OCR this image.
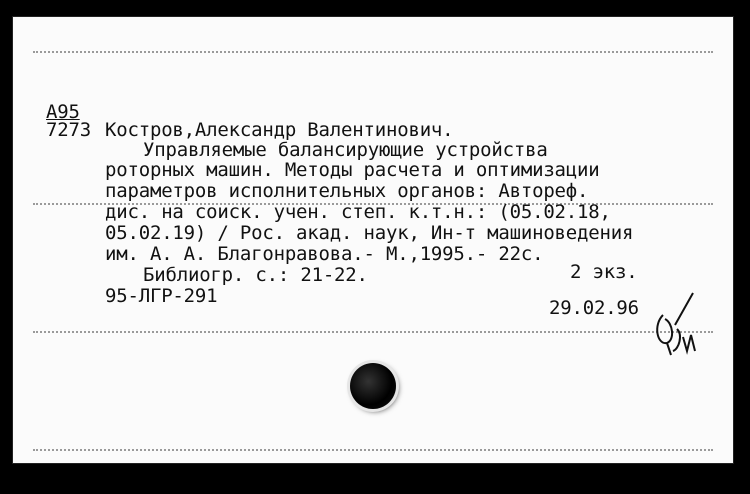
A95
7273 Костров,Александр Валентинович.
Управляемые балансирующие устройства
роторных машин. Методы расчета и оптимизации
параметров исполнительных органов: Автореф.
дис. на соиск. учен. степ. к.т.н.: (05.02.18,
05.02.19) / Рос. акад. наук, Ин-т машиноведения
им. А. А. Благонравова.- М.,1995.- 22с.
Библиогр. с.: 21-22.	2 экз.
95-ЛГР-291
29.02.96
